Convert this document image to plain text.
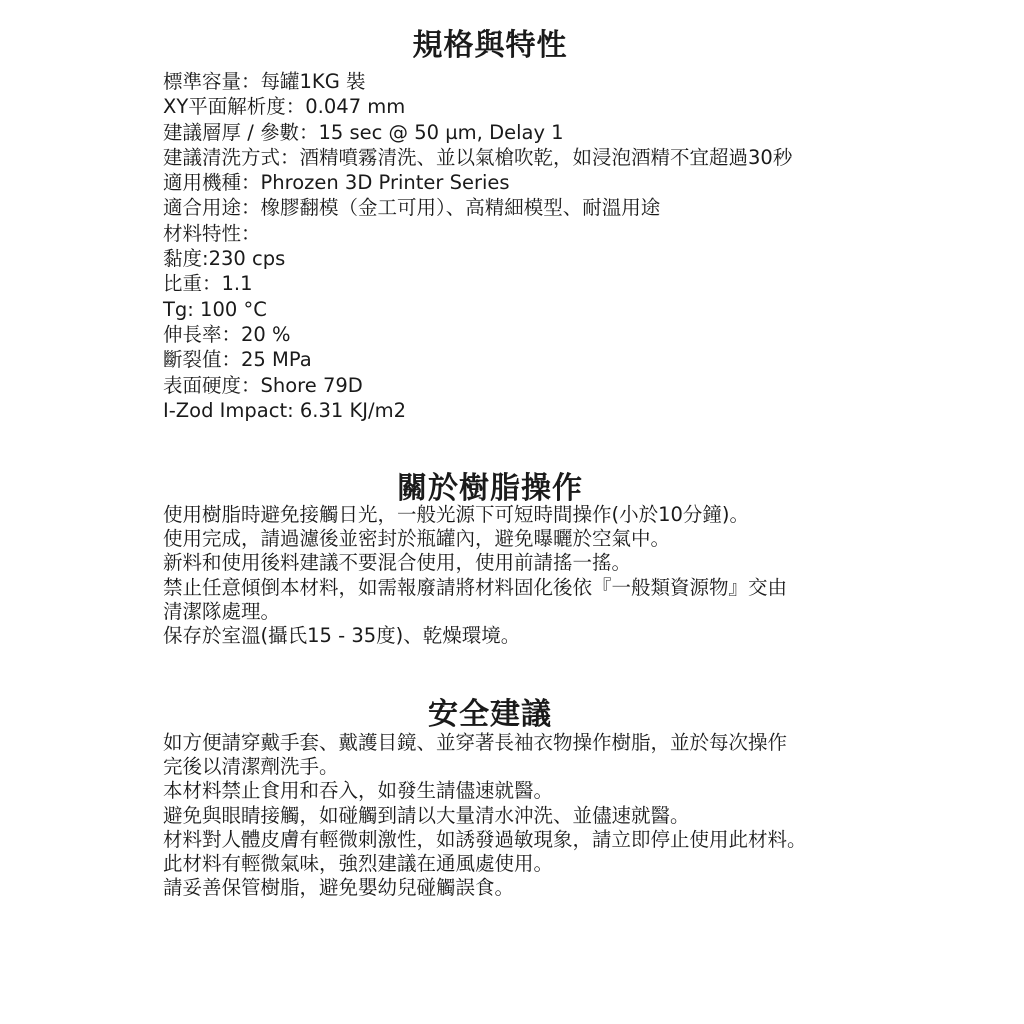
規格與特性
標準容量：每罐1KG 裝
XY平面解析度：0.047 mm
建議層厚 / 參數：15 sec @ 50 µm, Delay 1
建議清洗方式：酒精噴霧清洗、並以氣槍吹乾，如浸泡酒精不宜超過30秒
適用機種：Phrozen 3D Printer Series
適合用途：橡膠翻模（金工可用）、高精細模型、耐溫用途
材料特性：
黏度:230 cps
比重：1.1
Tg: 100 °C
伸長率：20 %
斷裂值：25 MPa
表面硬度：Shore 79D
I-Zod Impact: 6.31 KJ/m2
關於樹脂操作
使用樹脂時避免接觸日光，一般光源下可短時間操作(小於10分鐘)。
使用完成，請過濾後並密封於瓶罐內，避免曝曬於空氣中。
新料和使用後料建議不要混合使用，使用前請搖一搖。
禁止任意傾倒本材料，如需報廢請將材料固化後依『一般類資源物』交由
清潔隊處理。
保存於室溫(攝氏15 - 35度)、乾燥環境。
安全建議
如方便請穿戴手套、戴護目鏡、並穿著長袖衣物操作樹脂，並於每次操作
完後以清潔劑洗手。
本材料禁止食用和吞入，如發生請儘速就醫。
避免與眼睛接觸，如碰觸到請以大量清水沖洗、並儘速就醫。
材料對人體皮膚有輕微刺激性，如誘發過敏現象，請立即停止使用此材料。
此材料有輕微氣味，強烈建議在通風處使用。
請妥善保管樹脂，避免嬰幼兒碰觸誤食。
